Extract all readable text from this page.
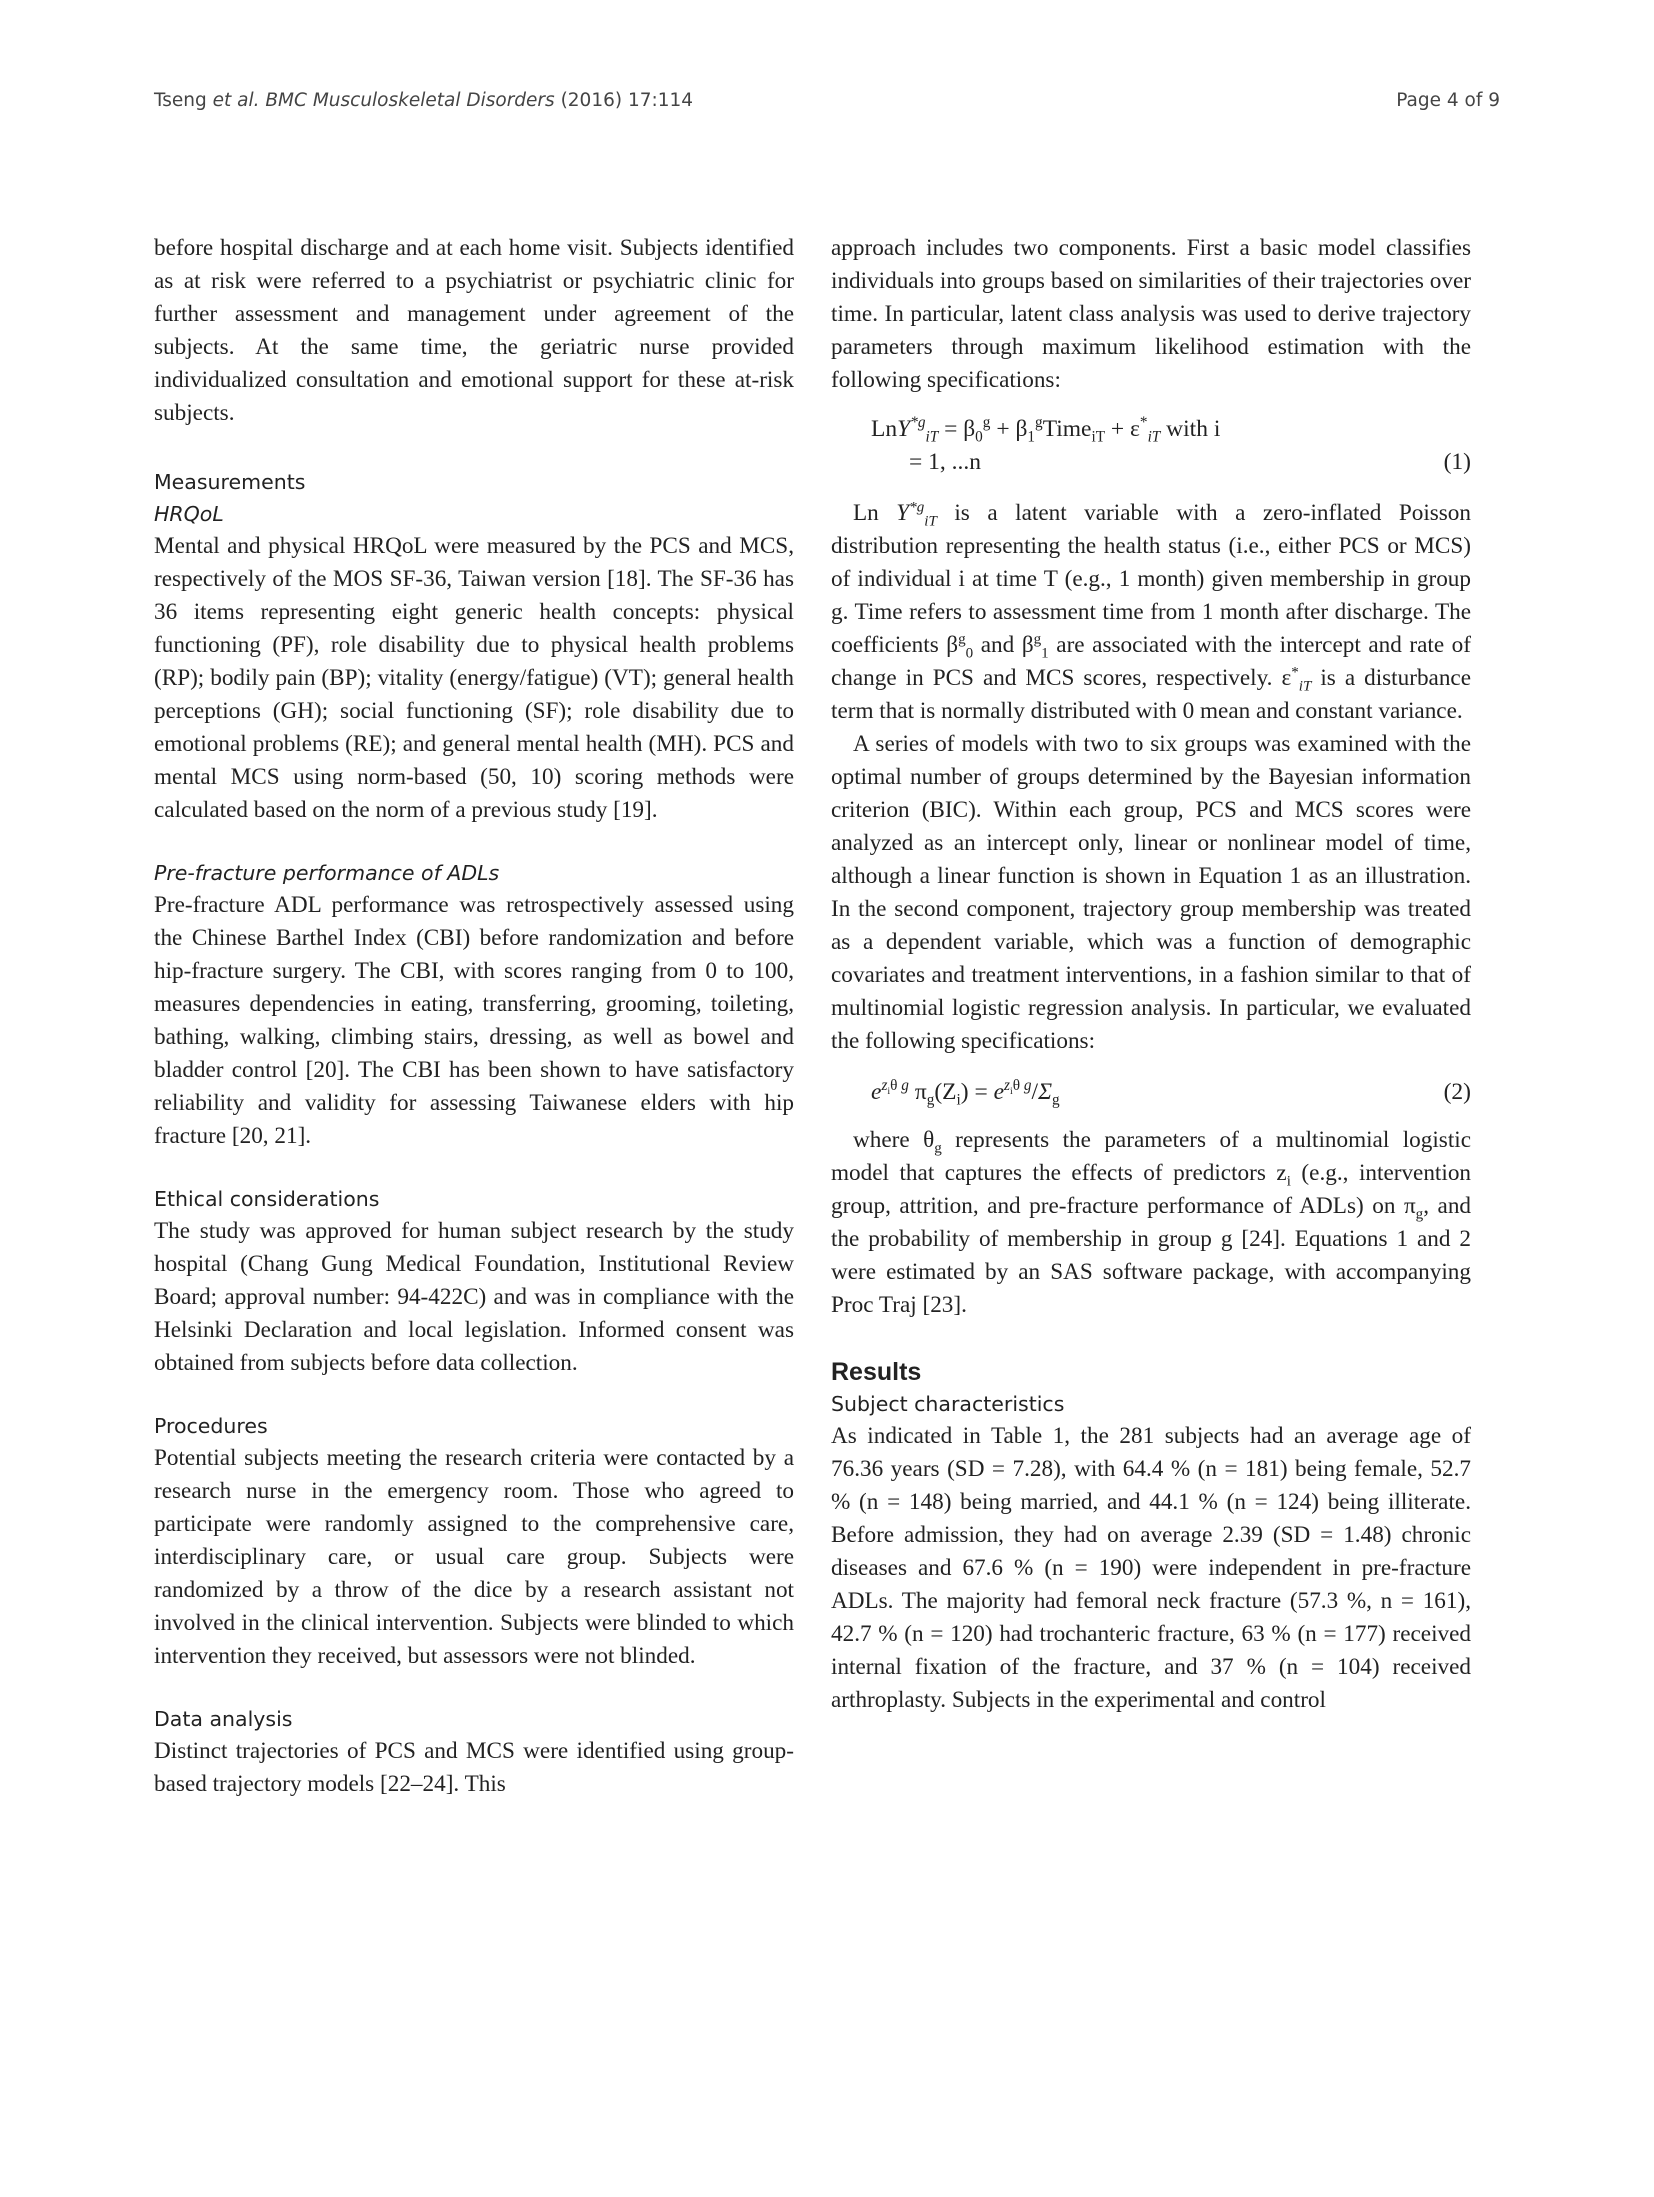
Tseng et al. BMC Musculoskeletal Disorders (2016) 17:114	Page 4 of 9

before hospital discharge and at each home visit. Subjects identified as at risk were referred to a psychiatrist or psychiatric clinic for further assessment and management under agreement of the subjects. At the same time, the geriatric nurse provided individualized consultation and emotional support for these at-risk subjects.

Measurements
HRQoL

Mental and physical HRQoL were measured by the PCS and MCS, respectively of the MOS SF-36, Taiwan version [18]. The SF-36 has 36 items representing eight generic health concepts: physical functioning (PF), role disability due to physical health problems (RP); bodily pain (BP); vitality (energy/fatigue) (VT); general health perceptions (GH); social functioning (SF); role disability due to emotional problems (RE); and general mental health (MH). PCS and mental MCS using norm-based (50, 10) scoring methods were calculated based on the norm of a previous study [19].

Pre-fracture performance of ADLs

Pre-fracture ADL performance was retrospectively assessed using the Chinese Barthel Index (CBI) before randomization and before hip-fracture surgery. The CBI, with scores ranging from 0 to 100, measures dependencies in eating, transferring, grooming, toileting, bathing, walking, climbing stairs, dressing, as well as bowel and bladder control [20]. The CBI has been shown to have satisfactory reliability and validity for assessing Taiwanese elders with hip fracture [20, 21].

Ethical considerations

The study was approved for human subject research by the study hospital (Chang Gung Medical Foundation, Institutional Review Board; approval number: 94-422C) and was in compliance with the Helsinki Declaration and local legislation. Informed consent was obtained from subjects before data collection.

Procedures

Potential subjects meeting the research criteria were contacted by a research nurse in the emergency room. Those who agreed to participate were randomly assigned to the comprehensive care, interdisciplinary care, or usual care group. Subjects were randomized by a throw of the dice by a research assistant not involved in the clinical intervention. Subjects were blinded to which intervention they received, but assessors were not blinded.

Data analysis

Distinct trajectories of PCS and MCS were identified using group-based trajectory models [22–24]. This

approach includes two components. First a basic model classifies individuals into groups based on similarities of their trajectories over time. In particular, latent class analysis was used to derive trajectory parameters through maximum likelihood estimation with the following specifications:

$LnY^{*g}_{iT} = \beta_0^g$ + $\beta_1^gTime_{iT} + \varepsilon^*_{iT}$ with i
= 1, ...n	(1)

Ln $Y^{*g}_{iT}$ is a latent variable with a zero-inflated Poisson distribution representing the health status (i.e., either PCS or MCS) of individual i at time T (e.g., 1 month) given membership in group g. Time refers to assessment time from 1 month after discharge. The coefficients $\beta^g_0$ and $\beta^g_1$ are associated with the intercept and rate of change in PCS and MCS scores, respectively. $\varepsilon^*_{iT}$ is a disturbance term that is normally distributed with 0 mean and constant variance.

A series of models with two to six groups was examined with the optimal number of groups determined by the Bayesian information criterion (BIC). Within each group, PCS and MCS scores were analyzed as an intercept only, linear or nonlinear model of time, although a linear function is shown in Equation 1 as an illustration. In the second component, trajectory group membership was treated as a dependent variable, which was a function of demographic covariates and treatment interventions, in a fashion similar to that of multinomial logistic regression analysis. In particular, we evaluated the following specifications:

$e^{z_i\theta g}$ $\pi_g(Z_i) = e^{z_i\theta g}/\Sigma_g$	(2)

where $\theta_g$ represents the parameters of a multinomial logistic model that captures the effects of predictors $z_i$ (e.g., intervention group, attrition, and pre-fracture performance of ADLs) on $\pi_g$, and the probability of membership in group g [24]. Equations 1 and 2 were estimated by an SAS software package, with accompanying Proc Traj [23].

Results
Subject characteristics

As indicated in Table 1, the 281 subjects had an average age of 76.36 years (SD = 7.28), with 64.4 % (n = 181) being female, 52.7 % (n = 148) being married, and 44.1 % (n = 124) being illiterate. Before admission, they had on average 2.39 (SD = 1.48) chronic diseases and 67.6 % (n = 190) were independent in pre-fracture ADLs. The majority had femoral neck fracture (57.3 %, n = 161), 42.7 % (n = 120) had trochanteric fracture, 63 % (n = 177) received internal fixation of the fracture, and 37 % (n = 104) received arthroplasty. Subjects in the experimental and control
